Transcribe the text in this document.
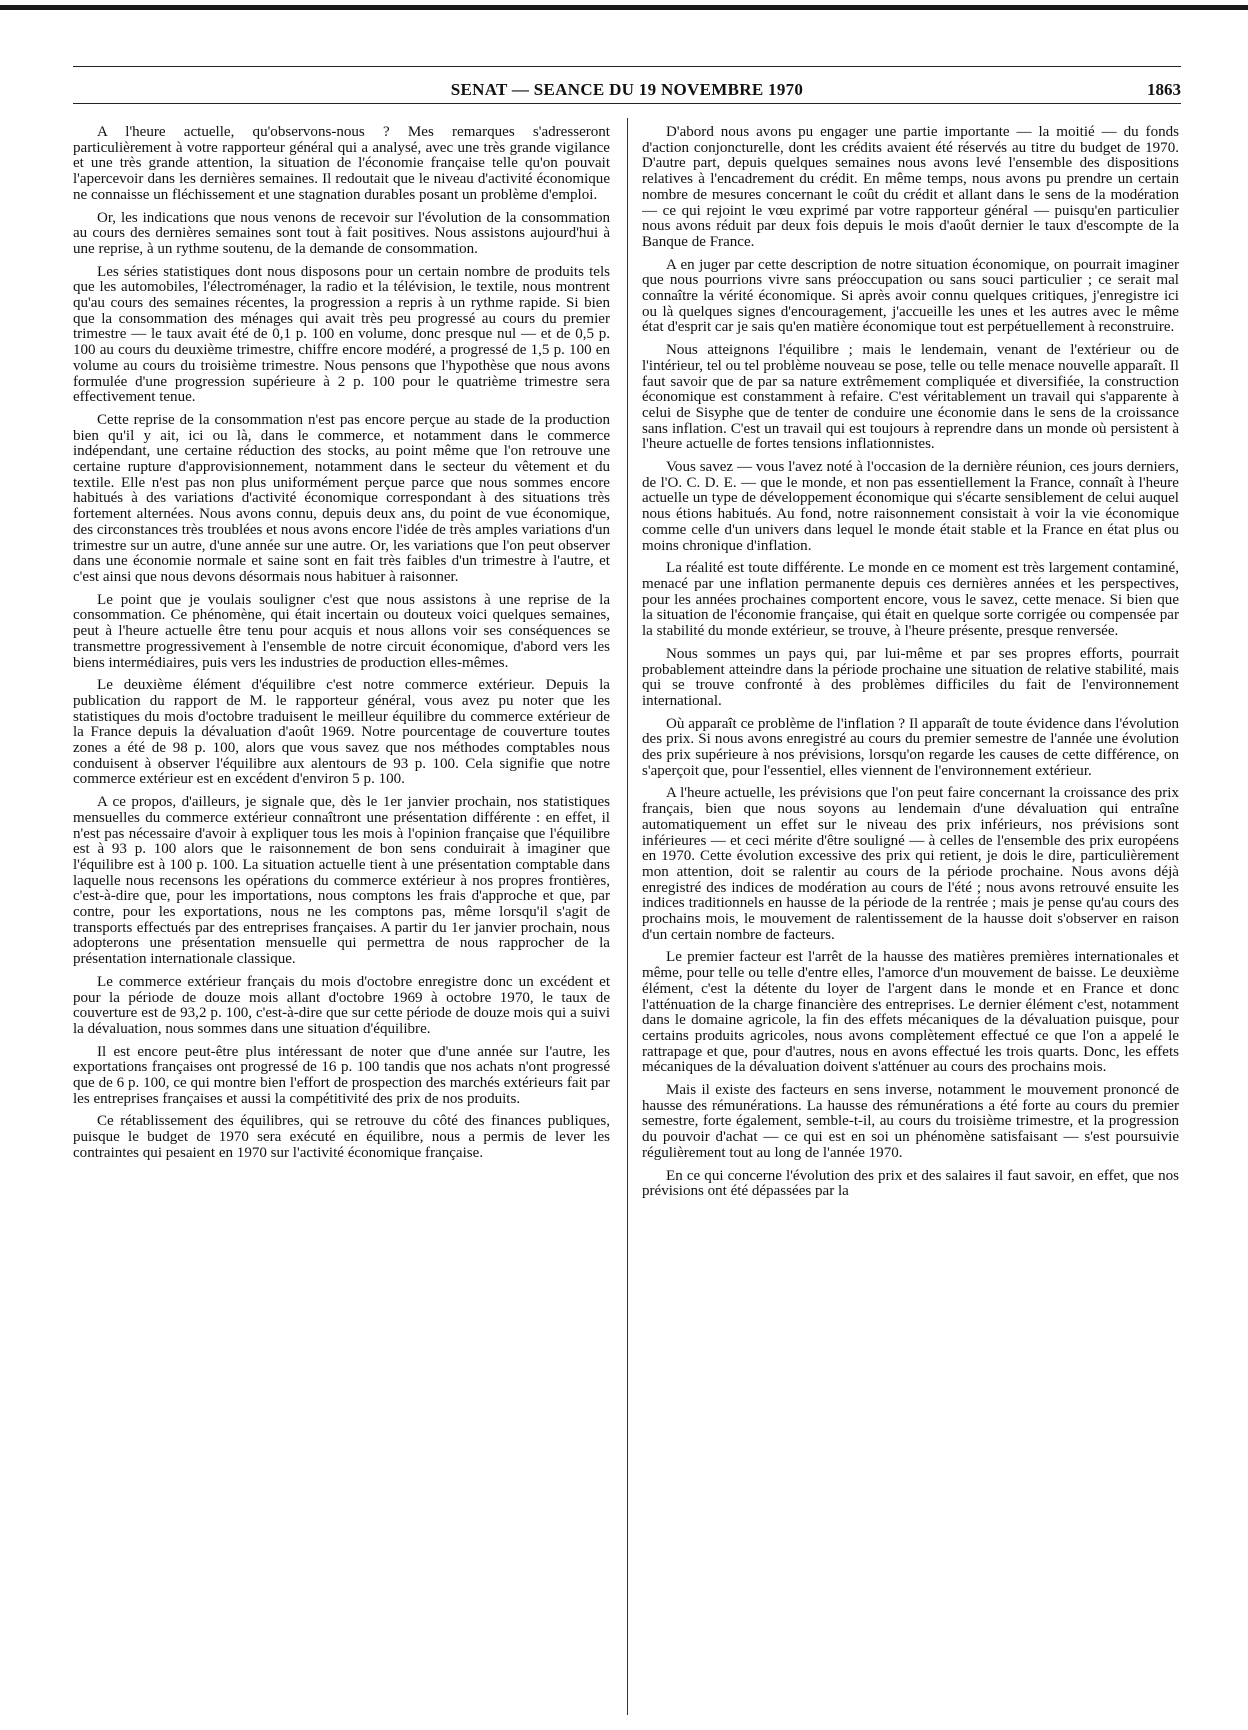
SENAT — SEANCE DU 19 NOVEMBRE 1970	1863

A l'heure actuelle, qu'observons-nous ? Mes remarques s'adresseront particulièrement à votre rapporteur général qui a analysé, avec une très grande vigilance et une très grande attention, la situation de l'économie française telle qu'on pouvait l'apercevoir dans les dernières semaines. Il redoutait que le niveau d'activité économique ne connaisse un fléchissement et une stagnation durables posant un problème d'emploi.

Or, les indications que nous venons de recevoir sur l'évolution de la consommation au cours des dernières semaines sont tout à fait positives. Nous assistons aujourd'hui à une reprise, à un rythme soutenu, de la demande de consommation.

Les séries statistiques dont nous disposons pour un certain nombre de produits tels que les automobiles, l'électroménager, la radio et la télévision, le textile, nous montrent qu'au cours des semaines récentes, la progression a repris à un rythme rapide. Si bien que la consommation des ménages qui avait très peu progressé au cours du premier trimestre — le taux avait été de 0,1 p. 100 en volume, donc presque nul — et de 0,5 p. 100 au cours du deuxième trimestre, chiffre encore modéré, a progressé de 1,5 p. 100 en volume au cours du troisième trimestre. Nous pensons que l'hypothèse que nous avons formulée d'une progression supérieure à 2 p. 100 pour le quatrième trimestre sera effectivement tenue.

Cette reprise de la consommation n'est pas encore perçue au stade de la production bien qu'il y ait, ici ou là, dans le commerce, et notamment dans le commerce indépendant, une certaine réduction des stocks, au point même que l'on retrouve une certaine rupture d'approvisionnement, notamment dans le secteur du vêtement et du textile. Elle n'est pas non plus uniformément perçue parce que nous sommes encore habitués à des variations d'activité économique correspondant à des situations très fortement alternées. Nous avons connu, depuis deux ans, du point de vue économique, des circonstances très troublées et nous avons encore l'idée de très amples variations d'un trimestre sur un autre, d'une année sur une autre. Or, les variations que l'on peut observer dans une économie normale et saine sont en fait très faibles d'un trimestre à l'autre, et c'est ainsi que nous devons désormais nous habituer à raisonner.

Le point que je voulais souligner c'est que nous assistons à une reprise de la consommation. Ce phénomène, qui était incertain ou douteux voici quelques semaines, peut à l'heure actuelle être tenu pour acquis et nous allons voir ses conséquences se transmettre progressivement à l'ensemble de notre circuit économique, d'abord vers les biens intermédiaires, puis vers les industries de production elles-mêmes.

Le deuxième élément d'équilibre c'est notre commerce extérieur. Depuis la publication du rapport de M. le rapporteur général, vous avez pu noter que les statistiques du mois d'octobre traduisent le meilleur équilibre du commerce extérieur de la France depuis la dévaluation d'août 1969. Notre pourcentage de couverture toutes zones a été de 98 p. 100, alors que vous savez que nos méthodes comptables nous conduisent à observer l'équilibre aux alentours de 93 p. 100. Cela signifie que notre commerce extérieur est en excédent d'environ 5 p. 100.

A ce propos, d'ailleurs, je signale que, dès le 1er janvier prochain, nos statistiques mensuelles du commerce extérieur connaîtront une présentation différente : en effet, il n'est pas nécessaire d'avoir à expliquer tous les mois à l'opinion française que l'équilibre est à 93 p. 100 alors que le raisonnement de bon sens conduirait à imaginer que l'équilibre est à 100 p. 100. La situation actuelle tient à une présentation comptable dans laquelle nous recensons les opérations du commerce extérieur à nos propres frontières, c'est-à-dire que, pour les importations, nous comptons les frais d'approche et que, par contre, pour les exportations, nous ne les comptons pas, même lorsqu'il s'agit de transports effectués par des entreprises françaises. A partir du 1er janvier prochain, nous adopterons une présentation mensuelle qui permettra de nous rapprocher de la présentation internationale classique.

Le commerce extérieur français du mois d'octobre enregistre donc un excédent et pour la période de douze mois allant d'octobre 1969 à octobre 1970, le taux de couverture est de 93,2 p. 100, c'est-à-dire que sur cette période de douze mois qui a suivi la dévaluation, nous sommes dans une situation d'équilibre.

Il est encore peut-être plus intéressant de noter que d'une année sur l'autre, les exportations françaises ont progressé de 16 p. 100 tandis que nos achats n'ont progressé que de 6 p. 100, ce qui montre bien l'effort de prospection des marchés extérieurs fait par les entreprises françaises et aussi la compétitivité des prix de nos produits.

Ce rétablissement des équilibres, qui se retrouve du côté des finances publiques, puisque le budget de 1970 sera exécuté en équilibre, nous a permis de lever les contraintes qui pesaient en 1970 sur l'activité économique française.

D'abord nous avons pu engager une partie importante — la moitié — du fonds d'action conjoncturelle, dont les crédits avaient été réservés au titre du budget de 1970. D'autre part, depuis quelques semaines nous avons levé l'ensemble des dispositions relatives à l'encadrement du crédit. En même temps, nous avons pu prendre un certain nombre de mesures concernant le coût du crédit et allant dans le sens de la modération — ce qui rejoint le vœu exprimé par votre rapporteur général — puisqu'en particulier nous avons réduit par deux fois depuis le mois d'août dernier le taux d'escompte de la Banque de France.

A en juger par cette description de notre situation économique, on pourrait imaginer que nous pourrions vivre sans préoccupation ou sans souci particulier ; ce serait mal connaître la vérité économique. Si après avoir connu quelques critiques, j'enregistre ici ou là quelques signes d'encouragement, j'accueille les unes et les autres avec le même état d'esprit car je sais qu'en matière économique tout est perpétuellement à reconstruire.

Nous atteignons l'équilibre ; mais le lendemain, venant de l'extérieur ou de l'intérieur, tel ou tel problème nouveau se pose, telle ou telle menace nouvelle apparaît. Il faut savoir que de par sa nature extrêmement compliquée et diversifiée, la construction économique est constamment à refaire. C'est véritablement un travail qui s'apparente à celui de Sisyphe que de tenter de conduire une économie dans le sens de la croissance sans inflation. C'est un travail qui est toujours à reprendre dans un monde où persistent à l'heure actuelle de fortes tensions inflationnistes.

Vous savez — vous l'avez noté à l'occasion de la dernière réunion, ces jours derniers, de l'O. C. D. E. — que le monde, et non pas essentiellement la France, connaît à l'heure actuelle un type de développement économique qui s'écarte sensiblement de celui auquel nous étions habitués. Au fond, notre raisonnement consistait à voir la vie économique comme celle d'un univers dans lequel le monde était stable et la France en état plus ou moins chronique d'inflation.

La réalité est toute différente. Le monde en ce moment est très largement contaminé, menacé par une inflation permanente depuis ces dernières années et les perspectives, pour les années prochaines comportent encore, vous le savez, cette menace. Si bien que la situation de l'économie française, qui était en quelque sorte corrigée ou compensée par la stabilité du monde extérieur, se trouve, à l'heure présente, presque renversée.

Nous sommes un pays qui, par lui-même et par ses propres efforts, pourrait probablement atteindre dans la période prochaine une situation de relative stabilité, mais qui se trouve confronté à des problèmes difficiles du fait de l'environnement international.

Où apparaît ce problème de l'inflation ? Il apparaît de toute évidence dans l'évolution des prix. Si nous avons enregistré au cours du premier semestre de l'année une évolution des prix supérieure à nos prévisions, lorsqu'on regarde les causes de cette différence, on s'aperçoit que, pour l'essentiel, elles viennent de l'environnement extérieur.

A l'heure actuelle, les prévisions que l'on peut faire concernant la croissance des prix français, bien que nous soyons au lendemain d'une dévaluation qui entraîne automatiquement un effet sur le niveau des prix inférieurs, nos prévisions sont inférieures — et ceci mérite d'être souligné — à celles de l'ensemble des prix européens en 1970. Cette évolution excessive des prix qui retient, je dois le dire, particulièrement mon attention, doit se ralentir au cours de la période prochaine. Nous avons déjà enregistré des indices de modération au cours de l'été ; nous avons retrouvé ensuite les indices traditionnels en hausse de la période de la rentrée ; mais je pense qu'au cours des prochains mois, le mouvement de ralentissement de la hausse doit s'observer en raison d'un certain nombre de facteurs.

Le premier facteur est l'arrêt de la hausse des matières premières internationales et même, pour telle ou telle d'entre elles, l'amorce d'un mouvement de baisse. Le deuxième élément, c'est la détente du loyer de l'argent dans le monde et en France et donc l'atténuation de la charge financière des entreprises. Le dernier élément c'est, notamment dans le domaine agricole, la fin des effets mécaniques de la dévaluation puisque, pour certains produits agricoles, nous avons complètement effectué ce que l'on a appelé le rattrapage et que, pour d'autres, nous en avons effectué les trois quarts. Donc, les effets mécaniques de la dévaluation doivent s'atténuer au cours des prochains mois.

Mais il existe des facteurs en sens inverse, notamment le mouvement prononcé de hausse des rémunérations. La hausse des rémunérations a été forte au cours du premier semestre, forte également, semble-t-il, au cours du troisième trimestre, et la progression du pouvoir d'achat — ce qui est en soi un phénomène satisfaisant — s'est poursuivie régulièrement tout au long de l'année 1970.

En ce qui concerne l'évolution des prix et des salaires il faut savoir, en effet, que nos prévisions ont été dépassées par la
